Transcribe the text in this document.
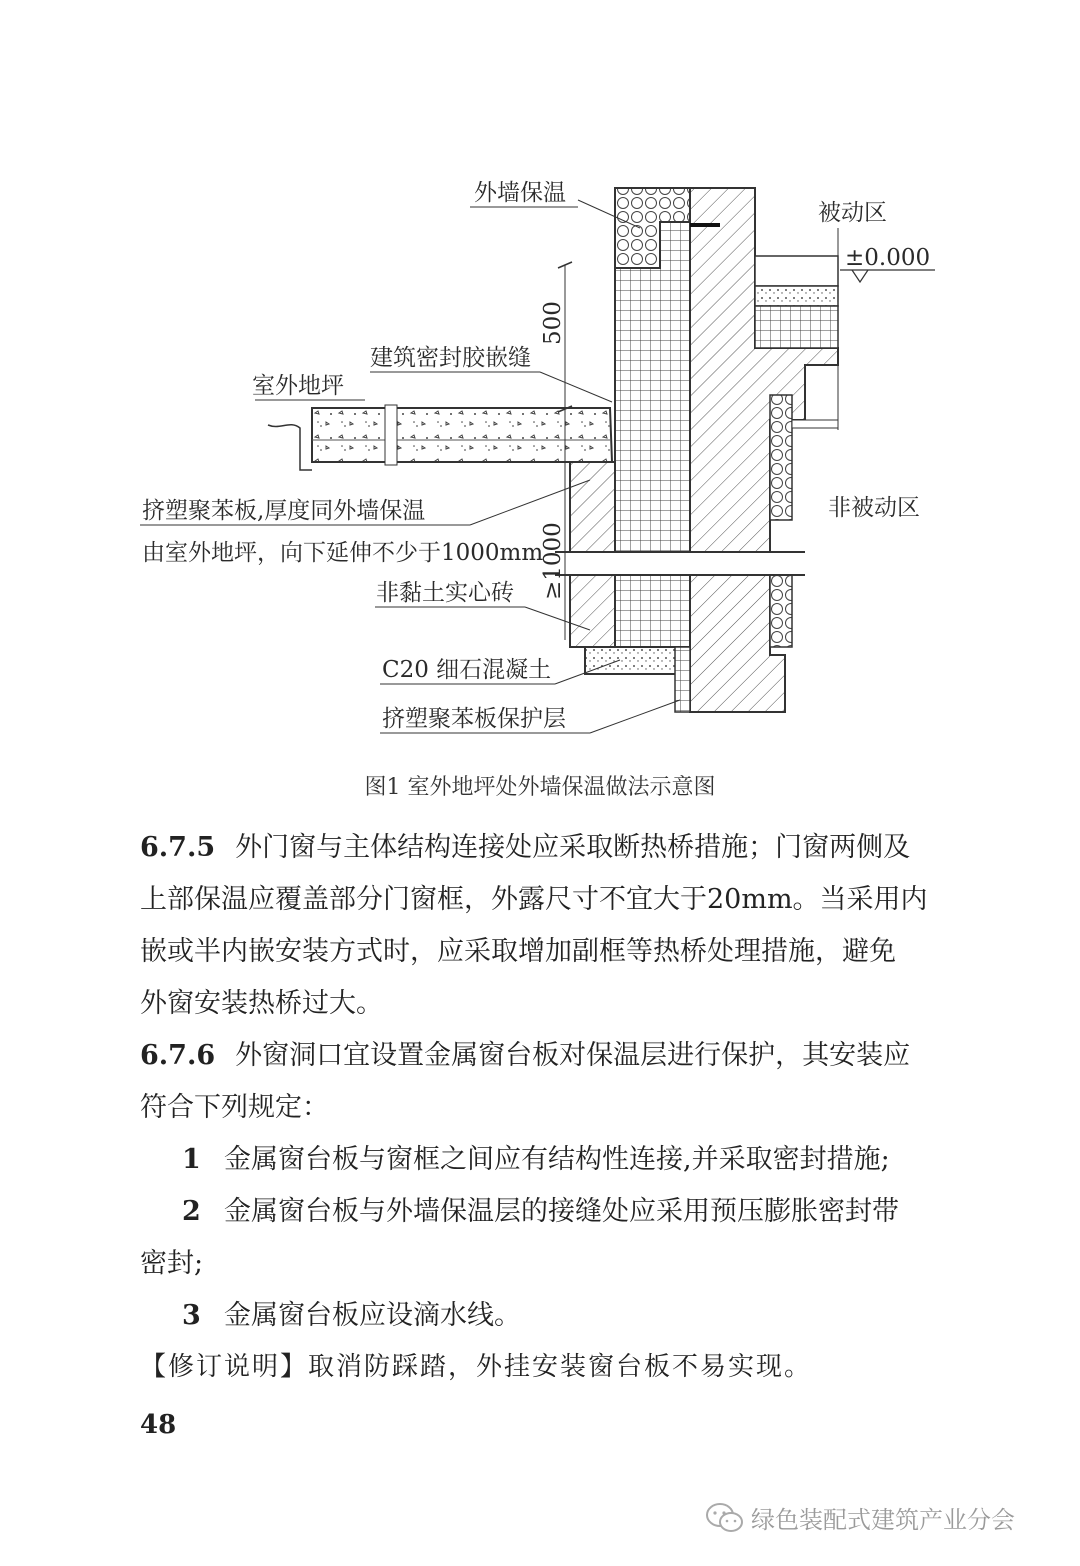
500
≥1000
外墙保温
被动区
±0.000
建筑密封胶嵌缝
室外地坪
挤塑聚苯板,厚度同外墙保温
由室外地坪，向下延伸不少于1000mm
非黏土实心砖
非被动区
C20 细石混凝土
挤塑聚苯板保护层
图1 室外地坪处外墙保温做法示意图
6.7.5 外门窗与主体结构连接处应采取断热桥措施；门窗两侧及
上部保温应覆盖部分门窗框，外露尺寸不宜大于20mm。当采用内
嵌或半内嵌安装方式时，应采取增加副框等热桥处理措施，避免
外窗安装热桥过大。
6.7.6 外窗洞口宜设置金属窗台板对保温层进行保护，其安装应
符合下列规定：
1 金属窗台板与窗框之间应有结构性连接,并采取密封措施;
2 金属窗台板与外墙保温层的接缝处应采用预压膨胀密封带
密封;
3 金属窗台板应设滴水线。
【修订说明】取消防踩踏，外挂安装窗台板不易实现。
48
绿色装配式建筑产业分会
